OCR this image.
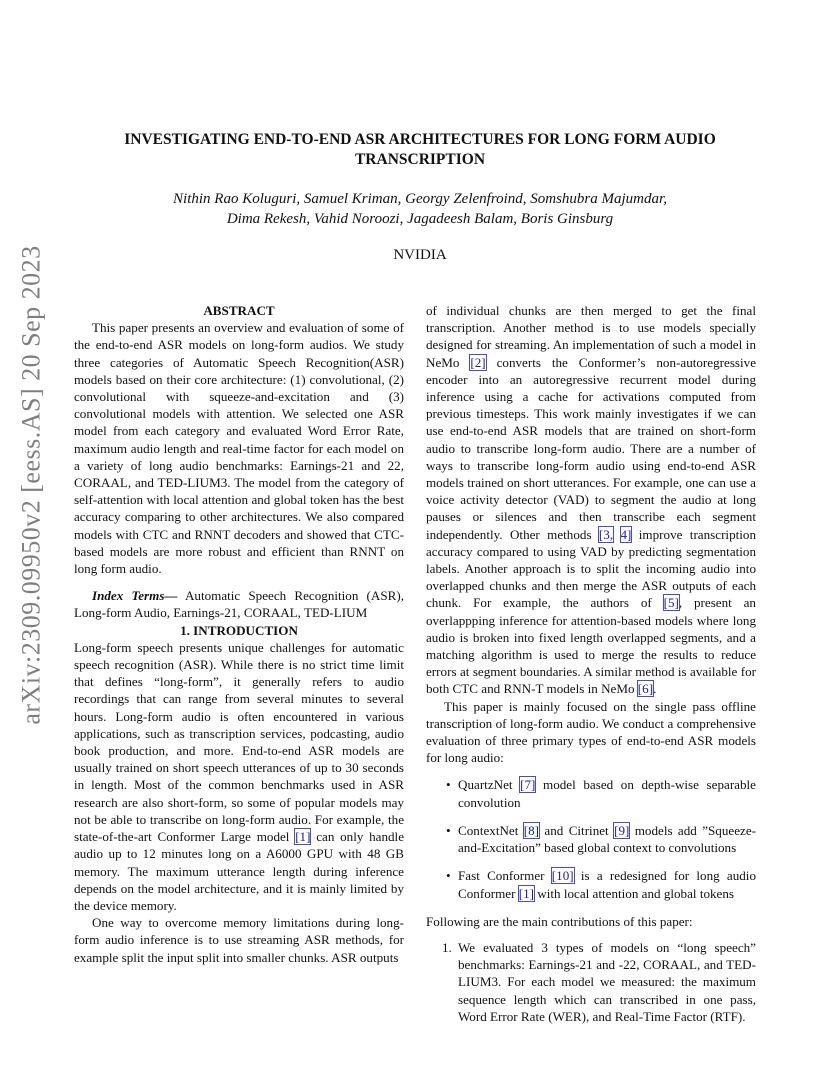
arXiv:2309.09950v2 [eess.AS] 20 Sep 2023
INVESTIGATING END-TO-END ASR ARCHITECTURES FOR LONG FORM AUDIO TRANSCRIPTION
Nithin Rao Koluguri, Samuel Kriman, Georgy Zelenfroind, Somshubra Majumdar,
Dima Rekesh, Vahid Noroozi, Jagadeesh Balam, Boris Ginsburg
NVIDIA

ABSTRACT

This paper presents an overview and evaluation of some of the end-to-end ASR models on long-form audios. We study three categories of Automatic Speech Recognition(ASR) models based on their core architecture: (1) convolutional, (2) convolutional with squeeze-and-excitation and (3) convolutional models with attention. We selected one ASR model from each category and evaluated Word Error Rate, maximum audio length and real-time factor for each model on a variety of long audio benchmarks: Earnings-21 and 22, CORAAL, and TED-LIUM3. The model from the category of self-attention with local attention and global token has the best accuracy comparing to other architectures. We also compared models with CTC and RNNT decoders and showed that CTC-based models are more robust and efficient than RNNT on long form audio.

Index Terms— Automatic Speech Recognition (ASR), Long-form Audio, Earnings-21, CORAAL, TED-LIUM

1. INTRODUCTION

Long-form speech presents unique challenges for automatic speech recognition (ASR). While there is no strict time limit that defines “long-form”, it generally refers to audio recordings that can range from several minutes to several hours. Long-form audio is often encountered in various applications, such as transcription services, podcasting, audio book production, and more. End-to-end ASR models are usually trained on short speech utterances of up to 30 seconds in length. Most of the common benchmarks used in ASR research are also short-form, so some of popular models may not be able to transcribe on long-form audio. For example, the state-of-the-art Conformer Large model [1] can only handle audio up to 12 minutes long on a A6000 GPU with 48 GB memory. The maximum utterance length during inference depends on the model architecture, and it is mainly limited by the device memory.

One way to overcome memory limitations during long-form audio inference is to use streaming ASR methods, for example split the input split into smaller chunks. ASR outputs

of individual chunks are then merged to get the final transcription. Another method is to use models specially designed for streaming. An implementation of such a model in NeMo [2] converts the Conformer’s non-autoregressive encoder into an autoregressive recurrent model during inference using a cache for activations computed from previous timesteps. This work mainly investigates if we can use end-to-end ASR models that are trained on short-form audio to transcribe long-form audio. There are a number of ways to transcribe long-form audio using end-to-end ASR models trained on short utterances. For example, one can use a voice activity detector (VAD) to segment the audio at long pauses or silences and then transcribe each segment independently. Other methods [3, 4] improve transcription accuracy compared to using VAD by predicting segmentation labels. Another approach is to split the incoming audio into overlapped chunks and then merge the ASR outputs of each chunk. For example, the authors of [5], present an overlappping inference for attention-based models where long audio is broken into fixed length overlapped segments, and a matching algorithm is used to merge the results to reduce errors at segment boundaries. A similar method is available for both CTC and RNN-T models in NeMo [6].

This paper is mainly focused on the single pass offline transcription of long-form audio. We conduct a comprehensive evaluation of three primary types of end-to-end ASR models for long audio:

• QuartzNet [7] model based on depth-wise separable convolution
• ContextNet [8] and Citrinet [9] models add ”Squeeze-and-Excitation” based global context to convolutions
• Fast Conformer [10] is a redesigned for long audio Conformer [1] with local attention and global tokens

Following are the main contributions of this paper:

1. We evaluated 3 types of models on “long speech” benchmarks: Earnings-21 and -22, CORAAL, and TED-LIUM3. For each model we measured: the maximum sequence length which can transcribed in one pass, Word Error Rate (WER), and Real-Time Factor (RTF).
